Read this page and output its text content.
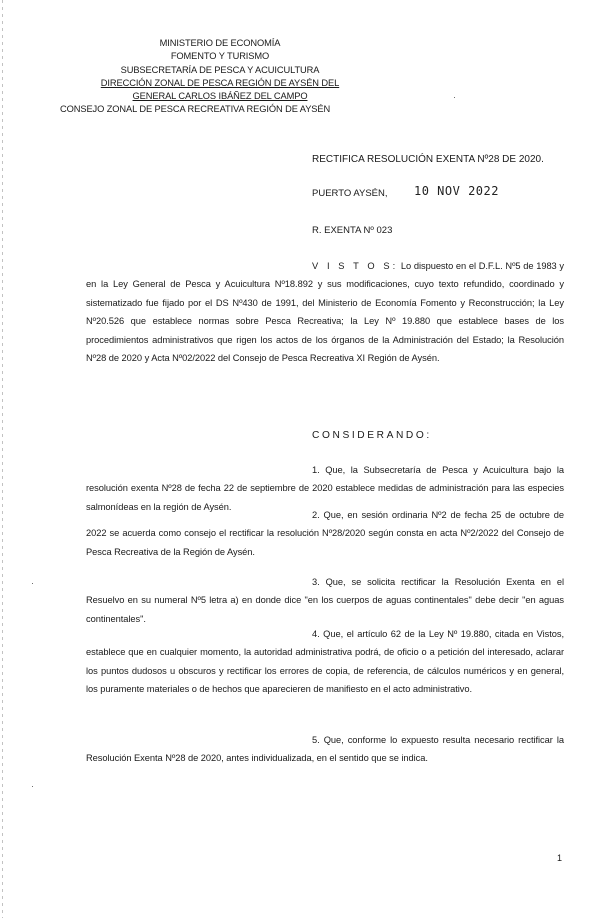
MINISTERIO DE ECONOMÍA
FOMENTO Y TURISMO
SUBSECRETARÍA DE PESCA Y ACUICULTURA
DIRECCIÓN ZONAL DE PESCA REGIÓN DE AYSÉN DEL
GENERAL CARLOS IBÁÑEZ DEL CAMPO
CONSEJO ZONAL DE PESCA RECREATIVA REGIÓN DE AYSÉN
RECTIFICA RESOLUCIÓN EXENTA Nº28 DE 2020.
PUERTO AYSÉN, 10 NOV 2022
R. EXENTA Nº 023
V I S T O S: Lo dispuesto en el D.F.L. Nº5 de 1983 y en la Ley General de Pesca y Acuicultura Nº18.892 y sus modificaciones, cuyo texto refundido, coordinado y sistematizado fue fijado por el DS Nº430 de 1991, del Ministerio de Economía Fomento y Reconstrucción; la Ley Nº20.526 que establece normas sobre Pesca Recreativa; la Ley Nº 19.880 que establece bases de los procedimientos administrativos que rigen los actos de los órganos de la Administración del Estado; la Resolución Nº28 de 2020 y Acta Nº02/2022 del Consejo de Pesca Recreativa XI Región de Aysén.
CONSIDERANDO:
1. Que, la Subsecretaría de Pesca y Acuicultura bajo la resolución exenta Nº28 de fecha 22 de septiembre de 2020 establece medidas de administración para las especies salmonídeas en la región de Aysén.
2. Que, en sesión ordinaria Nº2 de fecha 25 de octubre de 2022 se acuerda como consejo el rectificar la resolución Nº28/2020 según consta en acta Nº2/2022 del Consejo de Pesca Recreativa de la Región de Aysén.
3. Que, se solicita rectificar la Resolución Exenta en el Resuelvo en su numeral Nº5 letra a) en donde dice "en los cuerpos de aguas continentales" debe decir "en aguas continentales".
4. Que, el artículo 62 de la Ley Nº 19.880, citada en Vistos, establece que en cualquier momento, la autoridad administrativa podrá, de oficio o a petición del interesado, aclarar los puntos dudosos u obscuros y rectificar los errores de copia, de referencia, de cálculos numéricos y en general, los puramente materiales o de hechos que aparecieren de manifiesto en el acto administrativo.
5. Que, conforme lo expuesto resulta necesario rectificar la Resolución Exenta Nº28 de 2020, antes individualizada, en el sentido que se indica.
1
·
·
·
